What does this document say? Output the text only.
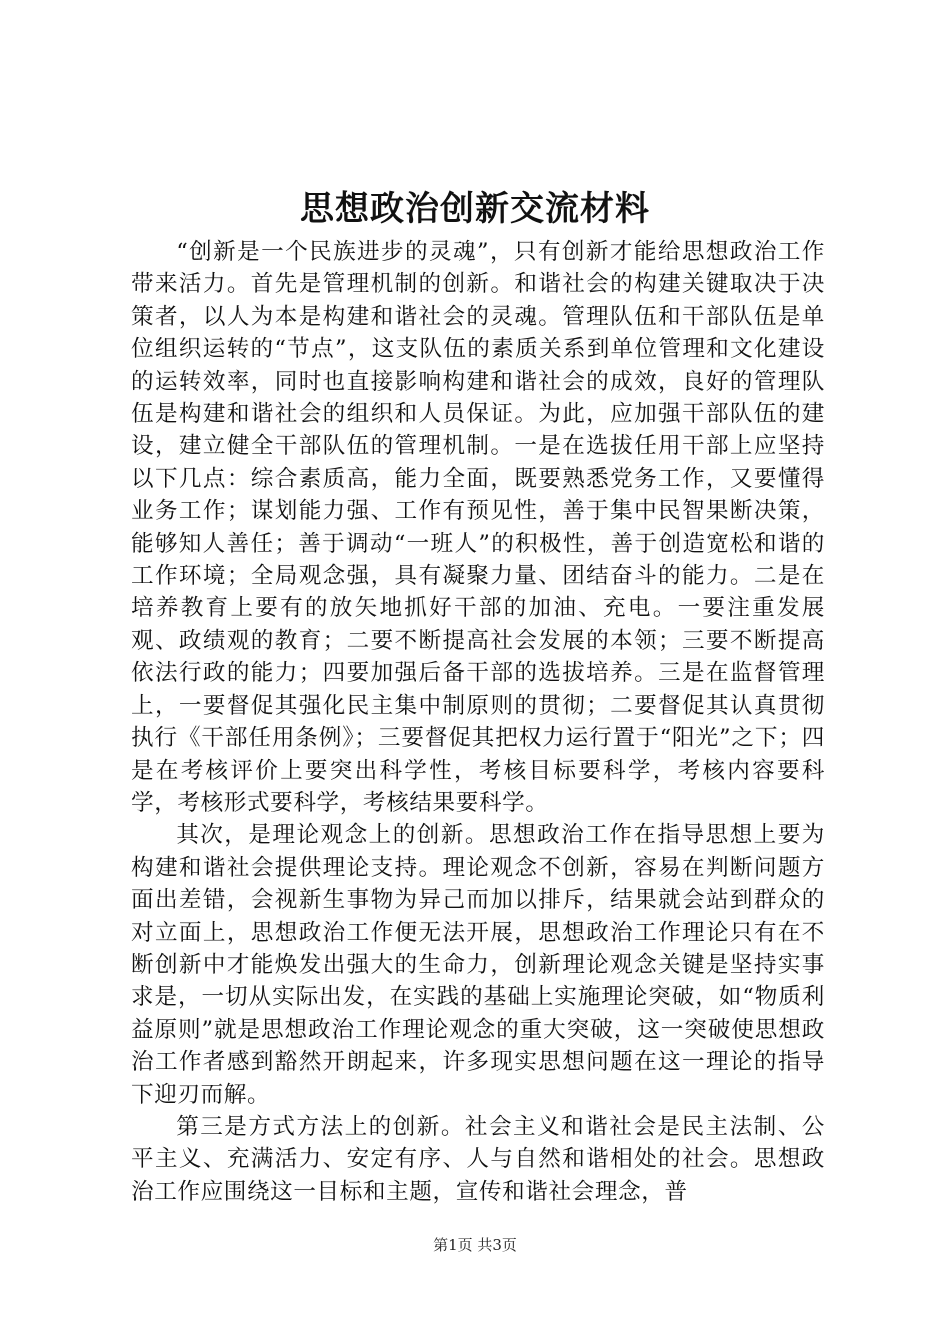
思想政治创新交流材料

“创新是一个民族进步的灵魂”，只有创新才能给思想政治工作带来活力。首先是管理机制的创新。和谐社会的构建关键取决于决策者，以人为本是构建和谐社会的灵魂。管理队伍和干部队伍是单位组织运转的“节点”，这支队伍的素质关系到单位管理和文化建设的运转效率，同时也直接影响构建和谐社会的成效，良好的管理队伍是构建和谐社会的组织和人员保证。为此，应加强干部队伍的建设，建立健全干部队伍的管理机制。一是在选拔任用干部上应坚持以下几点：综合素质高，能力全面，既要熟悉党务工作，又要懂得业务工作；谋划能力强、工作有预见性，善于集中民智果断决策，能够知人善任；善于调动“一班人”的积极性，善于创造宽松和谐的工作环境；全局观念强，具有凝聚力量、团结奋斗的能力。二是在培养教育上要有的放矢地抓好干部的加油、充电。一要注重发展观、政绩观的教育；二要不断提高社会发展的本领；三要不断提高依法行政的能力；四要加强后备干部的选拔培养。三是在监督管理上，一要督促其强化民主集中制原则的贯彻；二要督促其认真贯彻执行《干部任用条例》；三要督促其把权力运行置于“阳光”之下；四是在考核评价上要突出科学性，考核目标要科学，考核内容要科学，考核形式要科学，考核结果要科学。

其次，是理论观念上的创新。思想政治工作在指导思想上要为构建和谐社会提供理论支持。理论观念不创新，容易在判断问题方面出差错，会视新生事物为异己而加以排斥，结果就会站到群众的对立面上，思想政治工作便无法开展，思想政治工作理论只有在不断创新中才能焕发出强大的生命力，创新理论观念关键是坚持实事求是，一切从实际出发，在实践的基础上实施理论突破，如“物质利益原则”就是思想政治工作理论观念的重大突破，这一突破使思想政治工作者感到豁然开朗起来，许多现实思想问题在这一理论的指导下迎刃而解。

第三是方式方法上的创新。社会主义和谐社会是民主法制、公平主义、充满活力、安定有序、人与自然和谐相处的社会。思想政治工作应围绕这一目标和主题，宣传和谐社会理念，普

第1页 共3页
